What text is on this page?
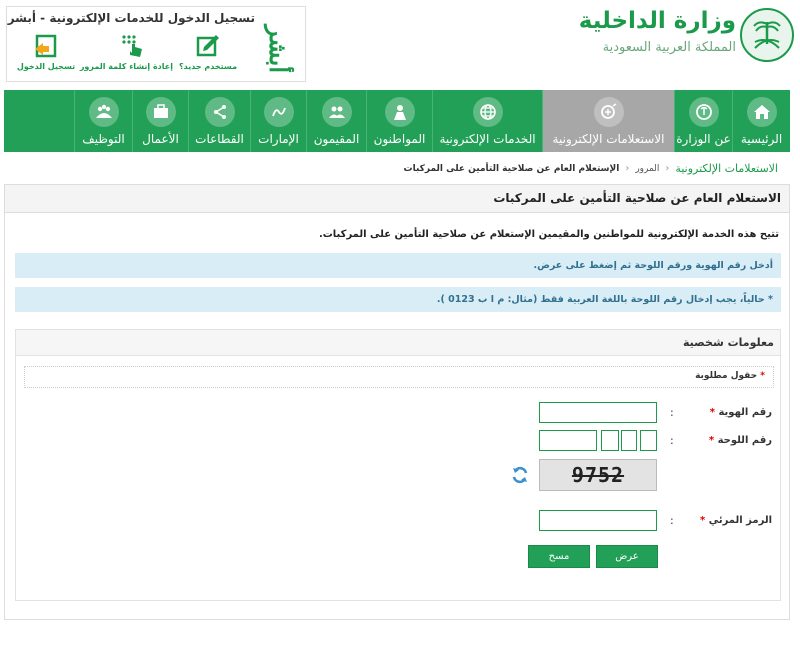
تسجيل الدخول للخدمات الإلكترونية - أبشر
أبشر
مستخدم جديد؟
إعادة إنشاء كلمة المرور
تسجيل الدخول
وزارة الداخلية
المملكة العربية السعودية
الرئيسية
عن الوزارة
الاستعلامات الإلكترونية
الخدمات الإلكترونية
المواطنون
المقيمون
الإمارات
القطاعات
الأعمال
التوظيف
الاستعلامات الإلكترونية
‹
المرور
‹
الإستعلام العام عن صلاحية التأمين على المركبات
الاستعلام العام عن صلاحية التأمين على المركبات
تتيح هذه الخدمة الإلكترونية للمواطنين والمقيمين الإستعلام عن صلاحية التأمين على المركبات.
أدخل رقم الهوية ورقم اللوحة ثم إضغط على عرض.
* حالياً، يجب إدخال رقم اللوحة باللغة العربية فقط (مثال: م ا ب 0123 ).
معلومات شخصية
* حقول مطلوبة
رقم الهوية *
:
رقم اللوحة *
:
9752
الرمز المرئي *
:
عرض
مسح
